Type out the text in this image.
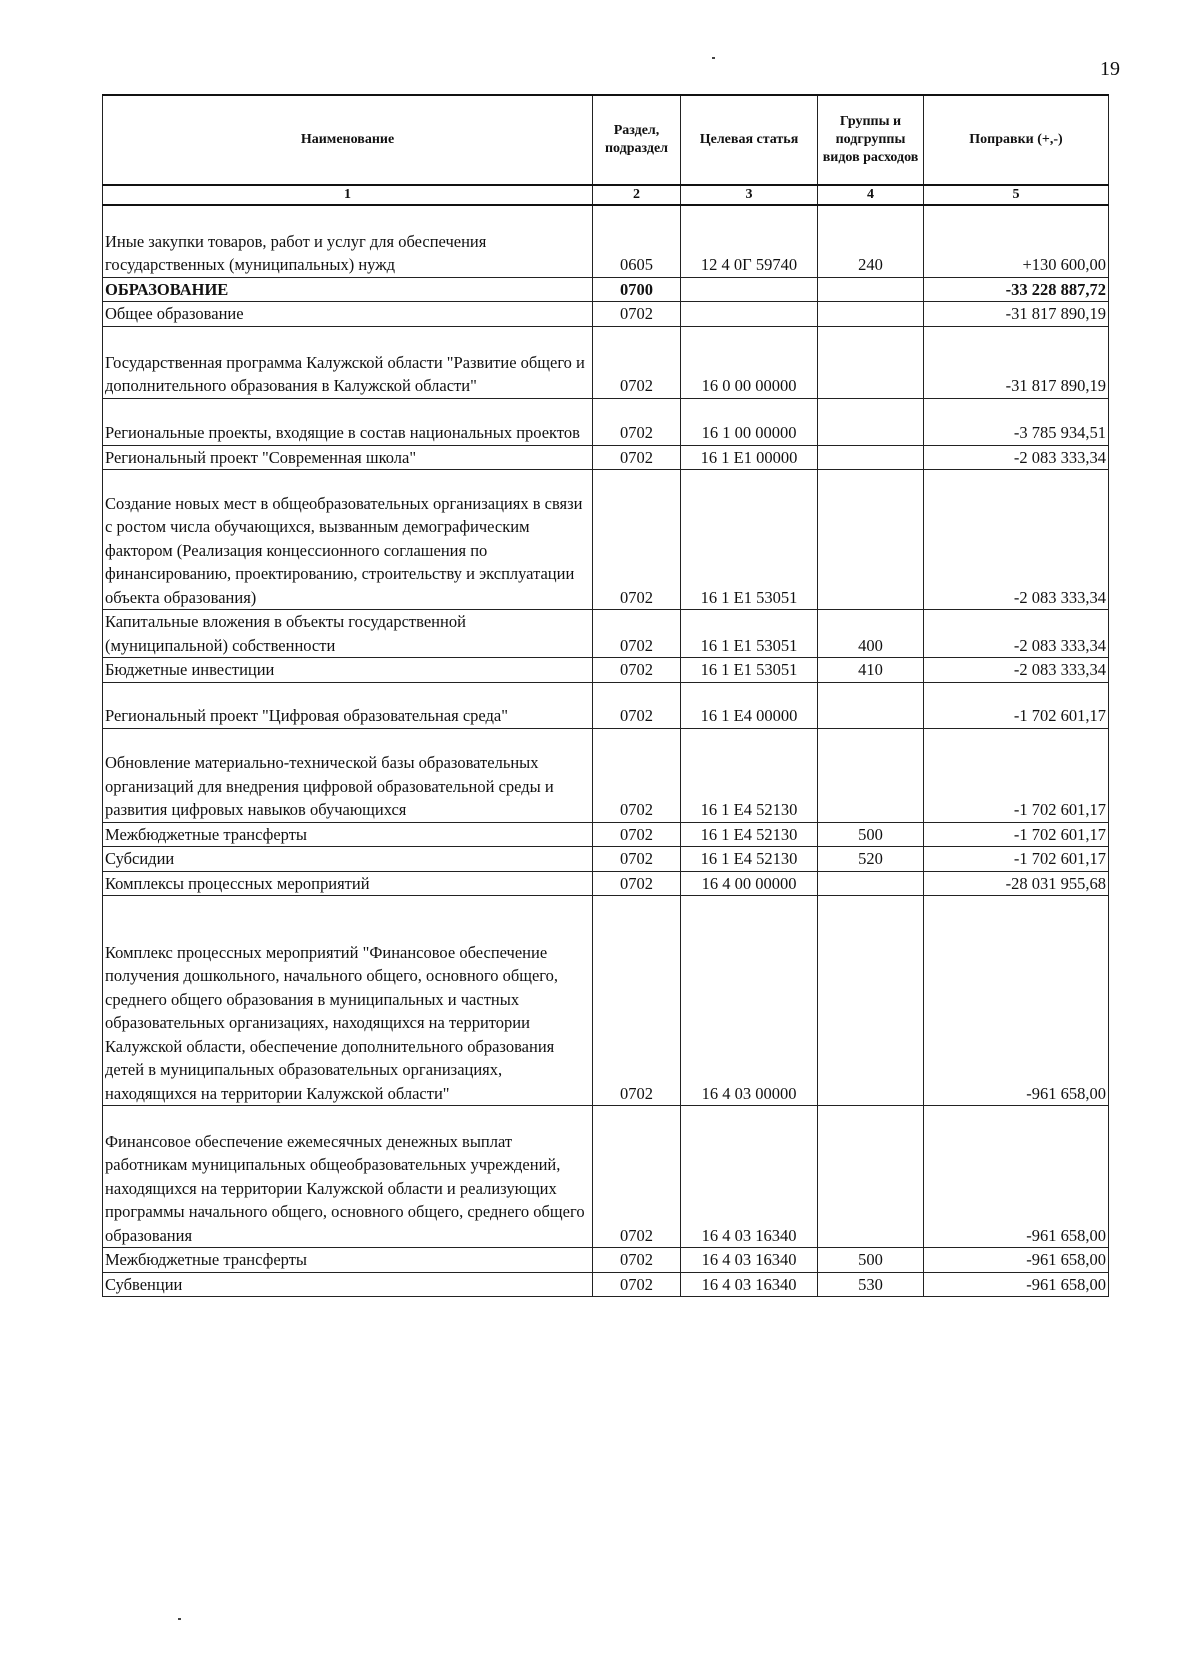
19
Наименование	Раздел, подраздел	Целевая статья	Группы и подгруппы видов расходов	Поправки (+,-)
1	2	3	4	5
Иные закупки товаров, работ и услуг для обеспечения государственных (муниципальных) нужд	0605	12 4 0Г 59740	240	+130 600,00
ОБРАЗОВАНИЕ	0700			-33 228 887,72
Общее образование	0702			-31 817 890,19
Государственная программа Калужской области "Развитие общего и дополнительного образования в Калужской области"	0702	16 0 00 00000		-31 817 890,19
Региональные проекты, входящие в состав национальных проектов	0702	16 1 00 00000		-3 785 934,51
Региональный проект "Современная школа"	0702	16 1 E1 00000		-2 083 333,34
Создание новых мест в общеобразовательных организациях в связи с ростом числа обучающихся, вызванным демографическим фактором (Реализация концессионного соглашения по финансированию, проектированию, строительству и эксплуатации объекта образования)	0702	16 1 E1 53051		-2 083 333,34
Капитальные вложения в объекты государственной (муниципальной) собственности	0702	16 1 E1 53051	400	-2 083 333,34
Бюджетные инвестиции	0702	16 1 E1 53051	410	-2 083 333,34
Региональный проект "Цифровая образовательная среда"	0702	16 1 E4 00000		-1 702 601,17
Обновление материально-технической базы образовательных организаций для внедрения цифровой образовательной среды и развития цифровых навыков обучающихся	0702	16 1 E4 52130		-1 702 601,17
Межбюджетные трансферты	0702	16 1 E4 52130	500	-1 702 601,17
Субсидии	0702	16 1 E4 52130	520	-1 702 601,17
Комплексы процессных мероприятий	0702	16 4 00 00000		-28 031 955,68
Комплекс процессных мероприятий "Финансовое обеспечение получения дошкольного, начального общего, основного общего, среднего общего образования в муниципальных и частных образовательных организациях, находящихся на территории Калужской области, обеспечение дополнительного образования детей в муниципальных образовательных организациях, находящихся на территории Калужской области"	0702	16 4 03 00000		-961 658,00
Финансовое обеспечение ежемесячных денежных выплат работникам муниципальных общеобразовательных учреждений, находящихся на территории Калужской области и реализующих программы начального общего, основного общего, среднего общего образования	0702	16 4 03 16340		-961 658,00
Межбюджетные трансферты	0702	16 4 03 16340	500	-961 658,00
Субвенции	0702	16 4 03 16340	530	-961 658,00
